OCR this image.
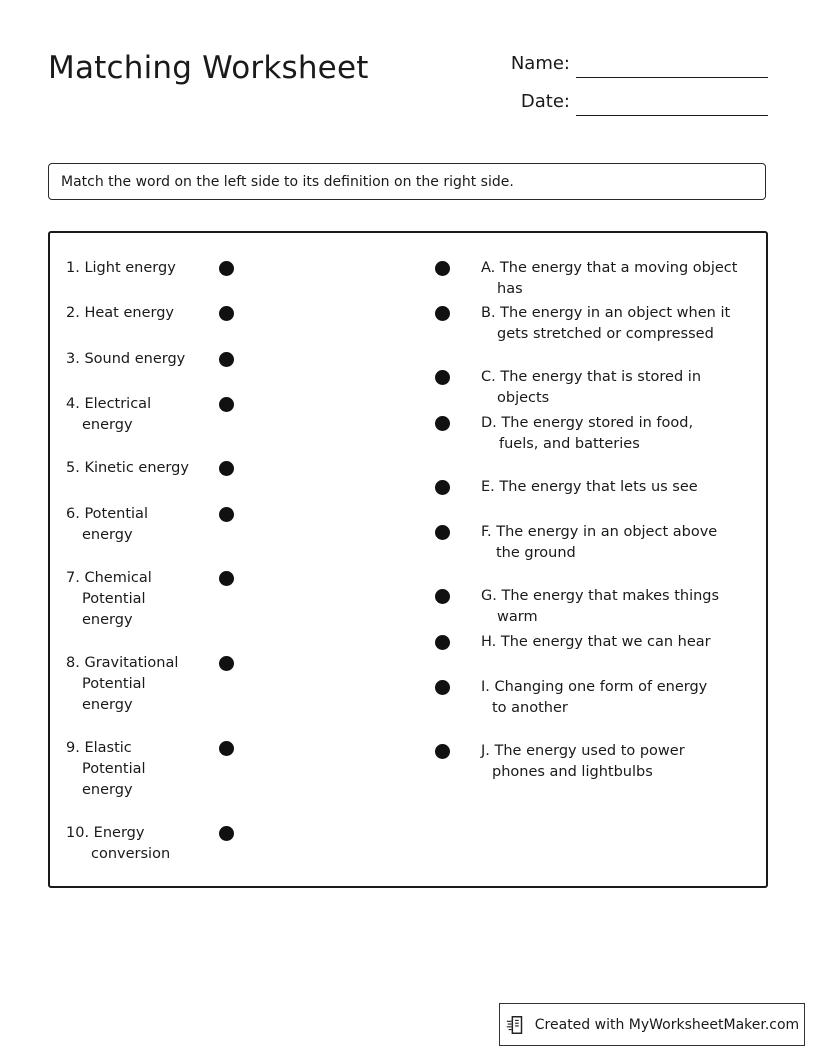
Matching Worksheet	Name:
Date:
Match the word on the left side to its definition on the right side.
1. Light energy
2. Heat energy
3. Sound energy
4. Electrical energy
5. Kinetic energy
6. Potential energy
7. Chemical Potential energy
8. Gravitational Potential energy
9. Elastic Potential energy
10. Energy conversion
A. The energy that a moving object has
B. The energy in an object when it gets stretched or compressed
C. The energy that is stored in objects
D. The energy stored in food, fuels, and batteries
E. The energy that lets us see
F. The energy in an object above the ground
G. The energy that makes things warm
H. The energy that we can hear
I. Changing one form of energy to another
J. The energy used to power phones and lightbulbs
Created with MyWorksheetMaker.com
